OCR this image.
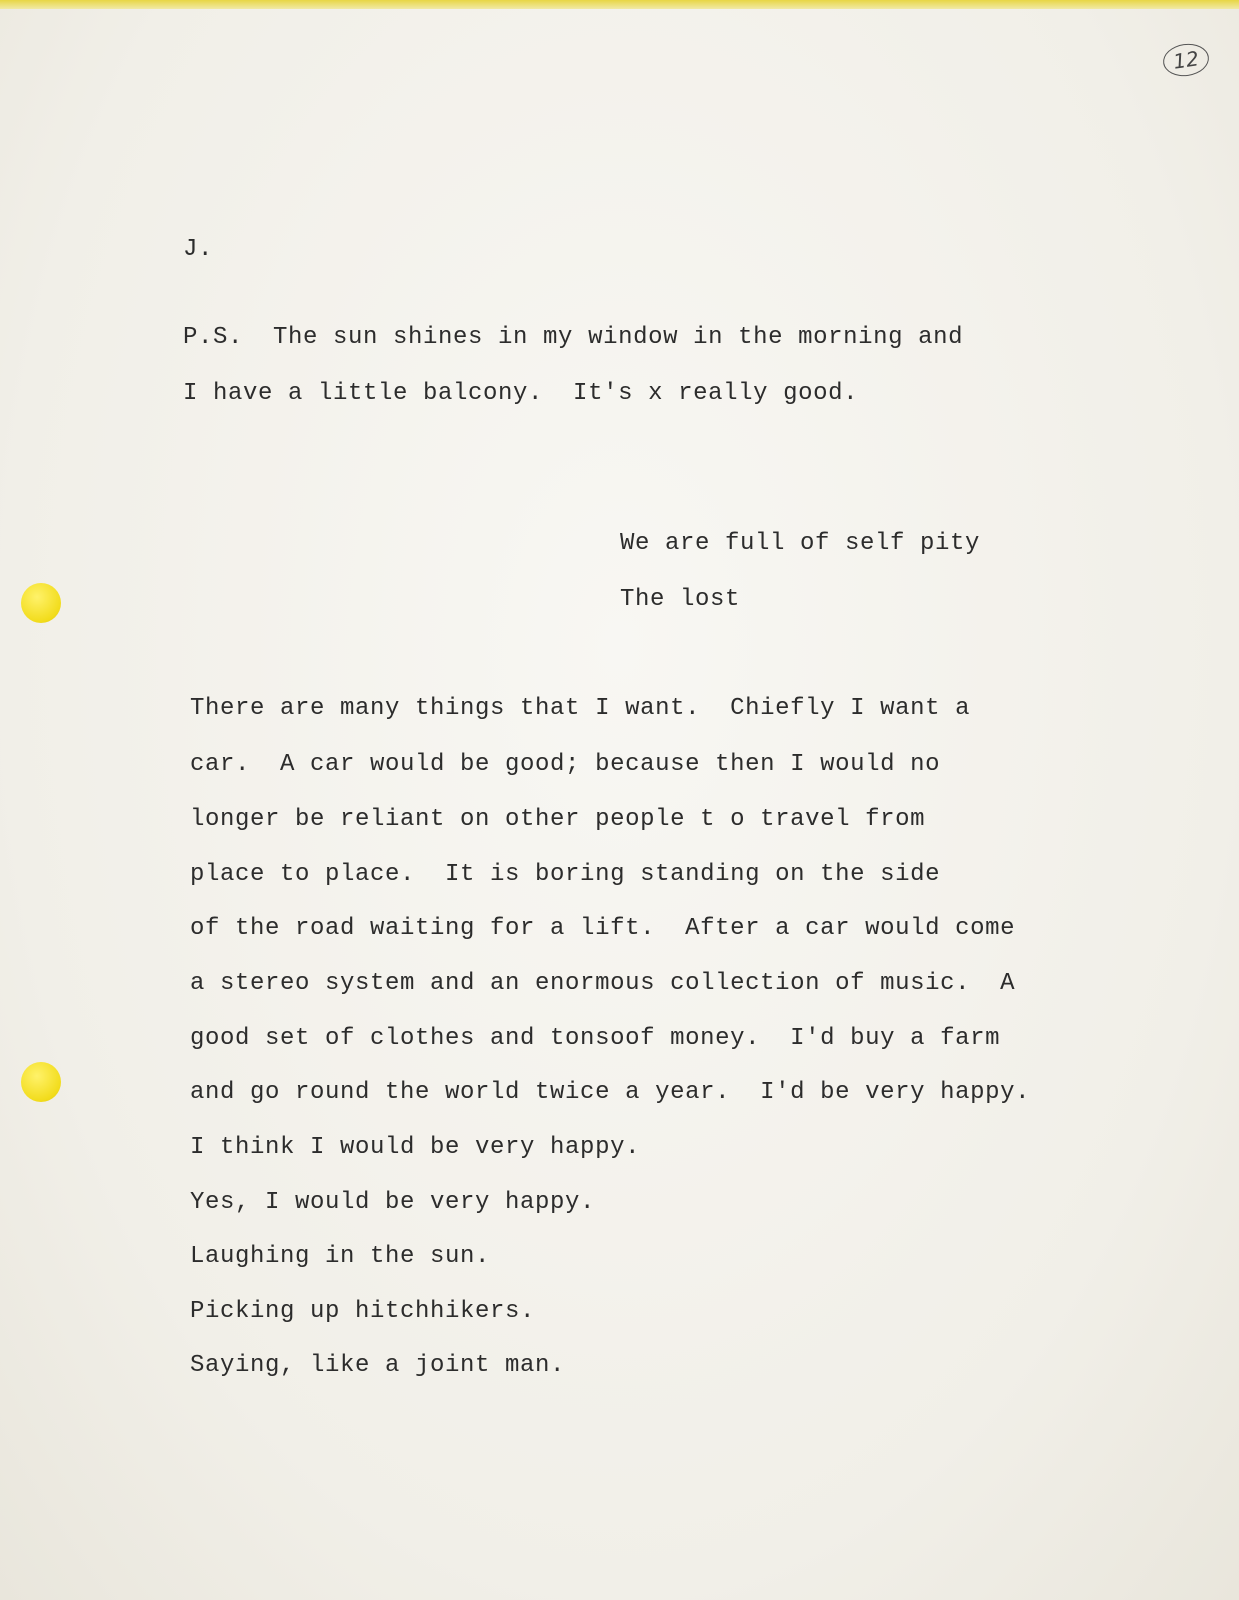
12
J.
P.S.  The sun shines in my window in the morning and
I have a little balcony.  It's x really good.
We are full of self pity
The lost
There are many things that I want.  Chiefly I want a
car.  A car would be good; because then I would no
longer be reliant on other people t o travel from
place to place.  It is boring standing on the side
of the road waiting for a lift.  After a car would come
a stereo system and an enormous collection of music.  A
good set of clothes and tonsoof money.  I'd buy a farm
and go round the world twice a year.  I'd be very happy.
I think I would be very happy.
Yes, I would be very happy.
Laughing in the sun.
Picking up hitchhikers.
Saying, like a joint man.
